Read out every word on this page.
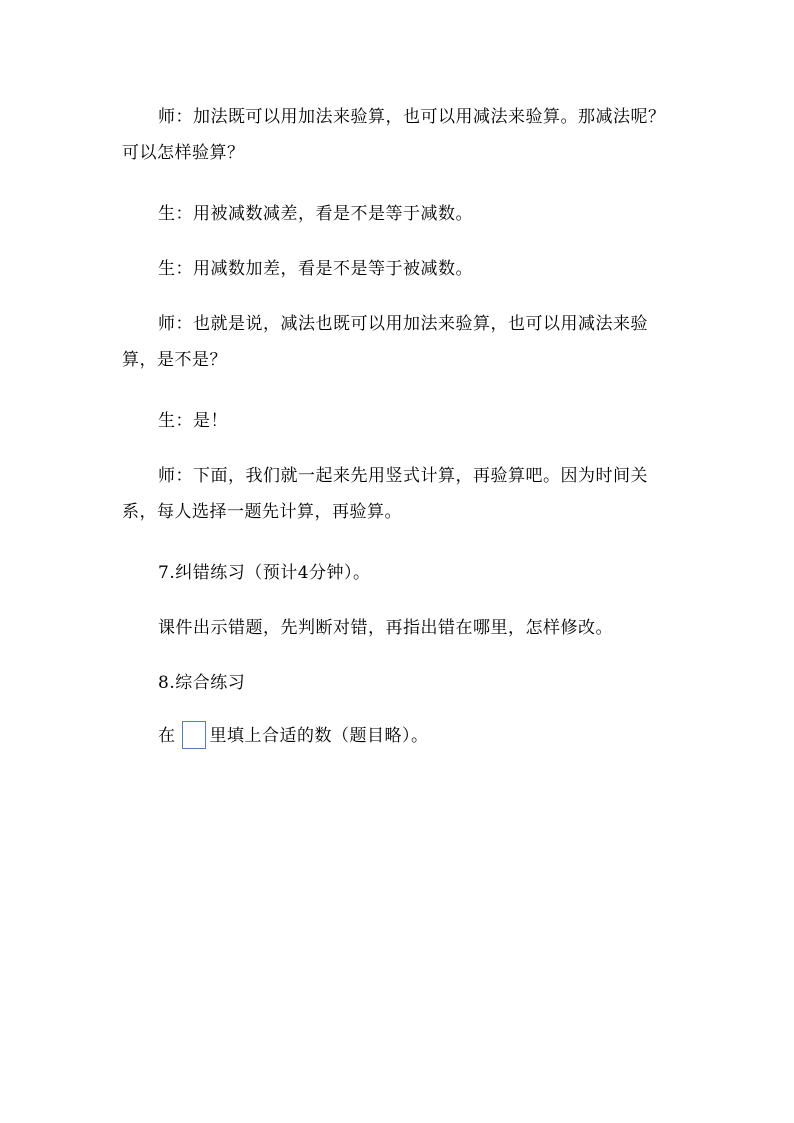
师：加法既可以用加法来验算，也可以用减法来验算。那减法呢？可以怎样验算？

生：用被减数减差，看是不是等于减数。

生：用减数加差，看是不是等于被减数。

师：也就是说，减法也既可以用加法来验算，也可以用减法来验算，是不是？

生：是！

师：下面，我们就一起来先用竖式计算，再验算吧。因为时间关系，每人选择一题先计算，再验算。

7.纠错练习（预计4分钟）。

课件出示错题，先判断对错，再指出错在哪里，怎样修改。

8.综合练习

在 里填上合适的数（题目略）。
